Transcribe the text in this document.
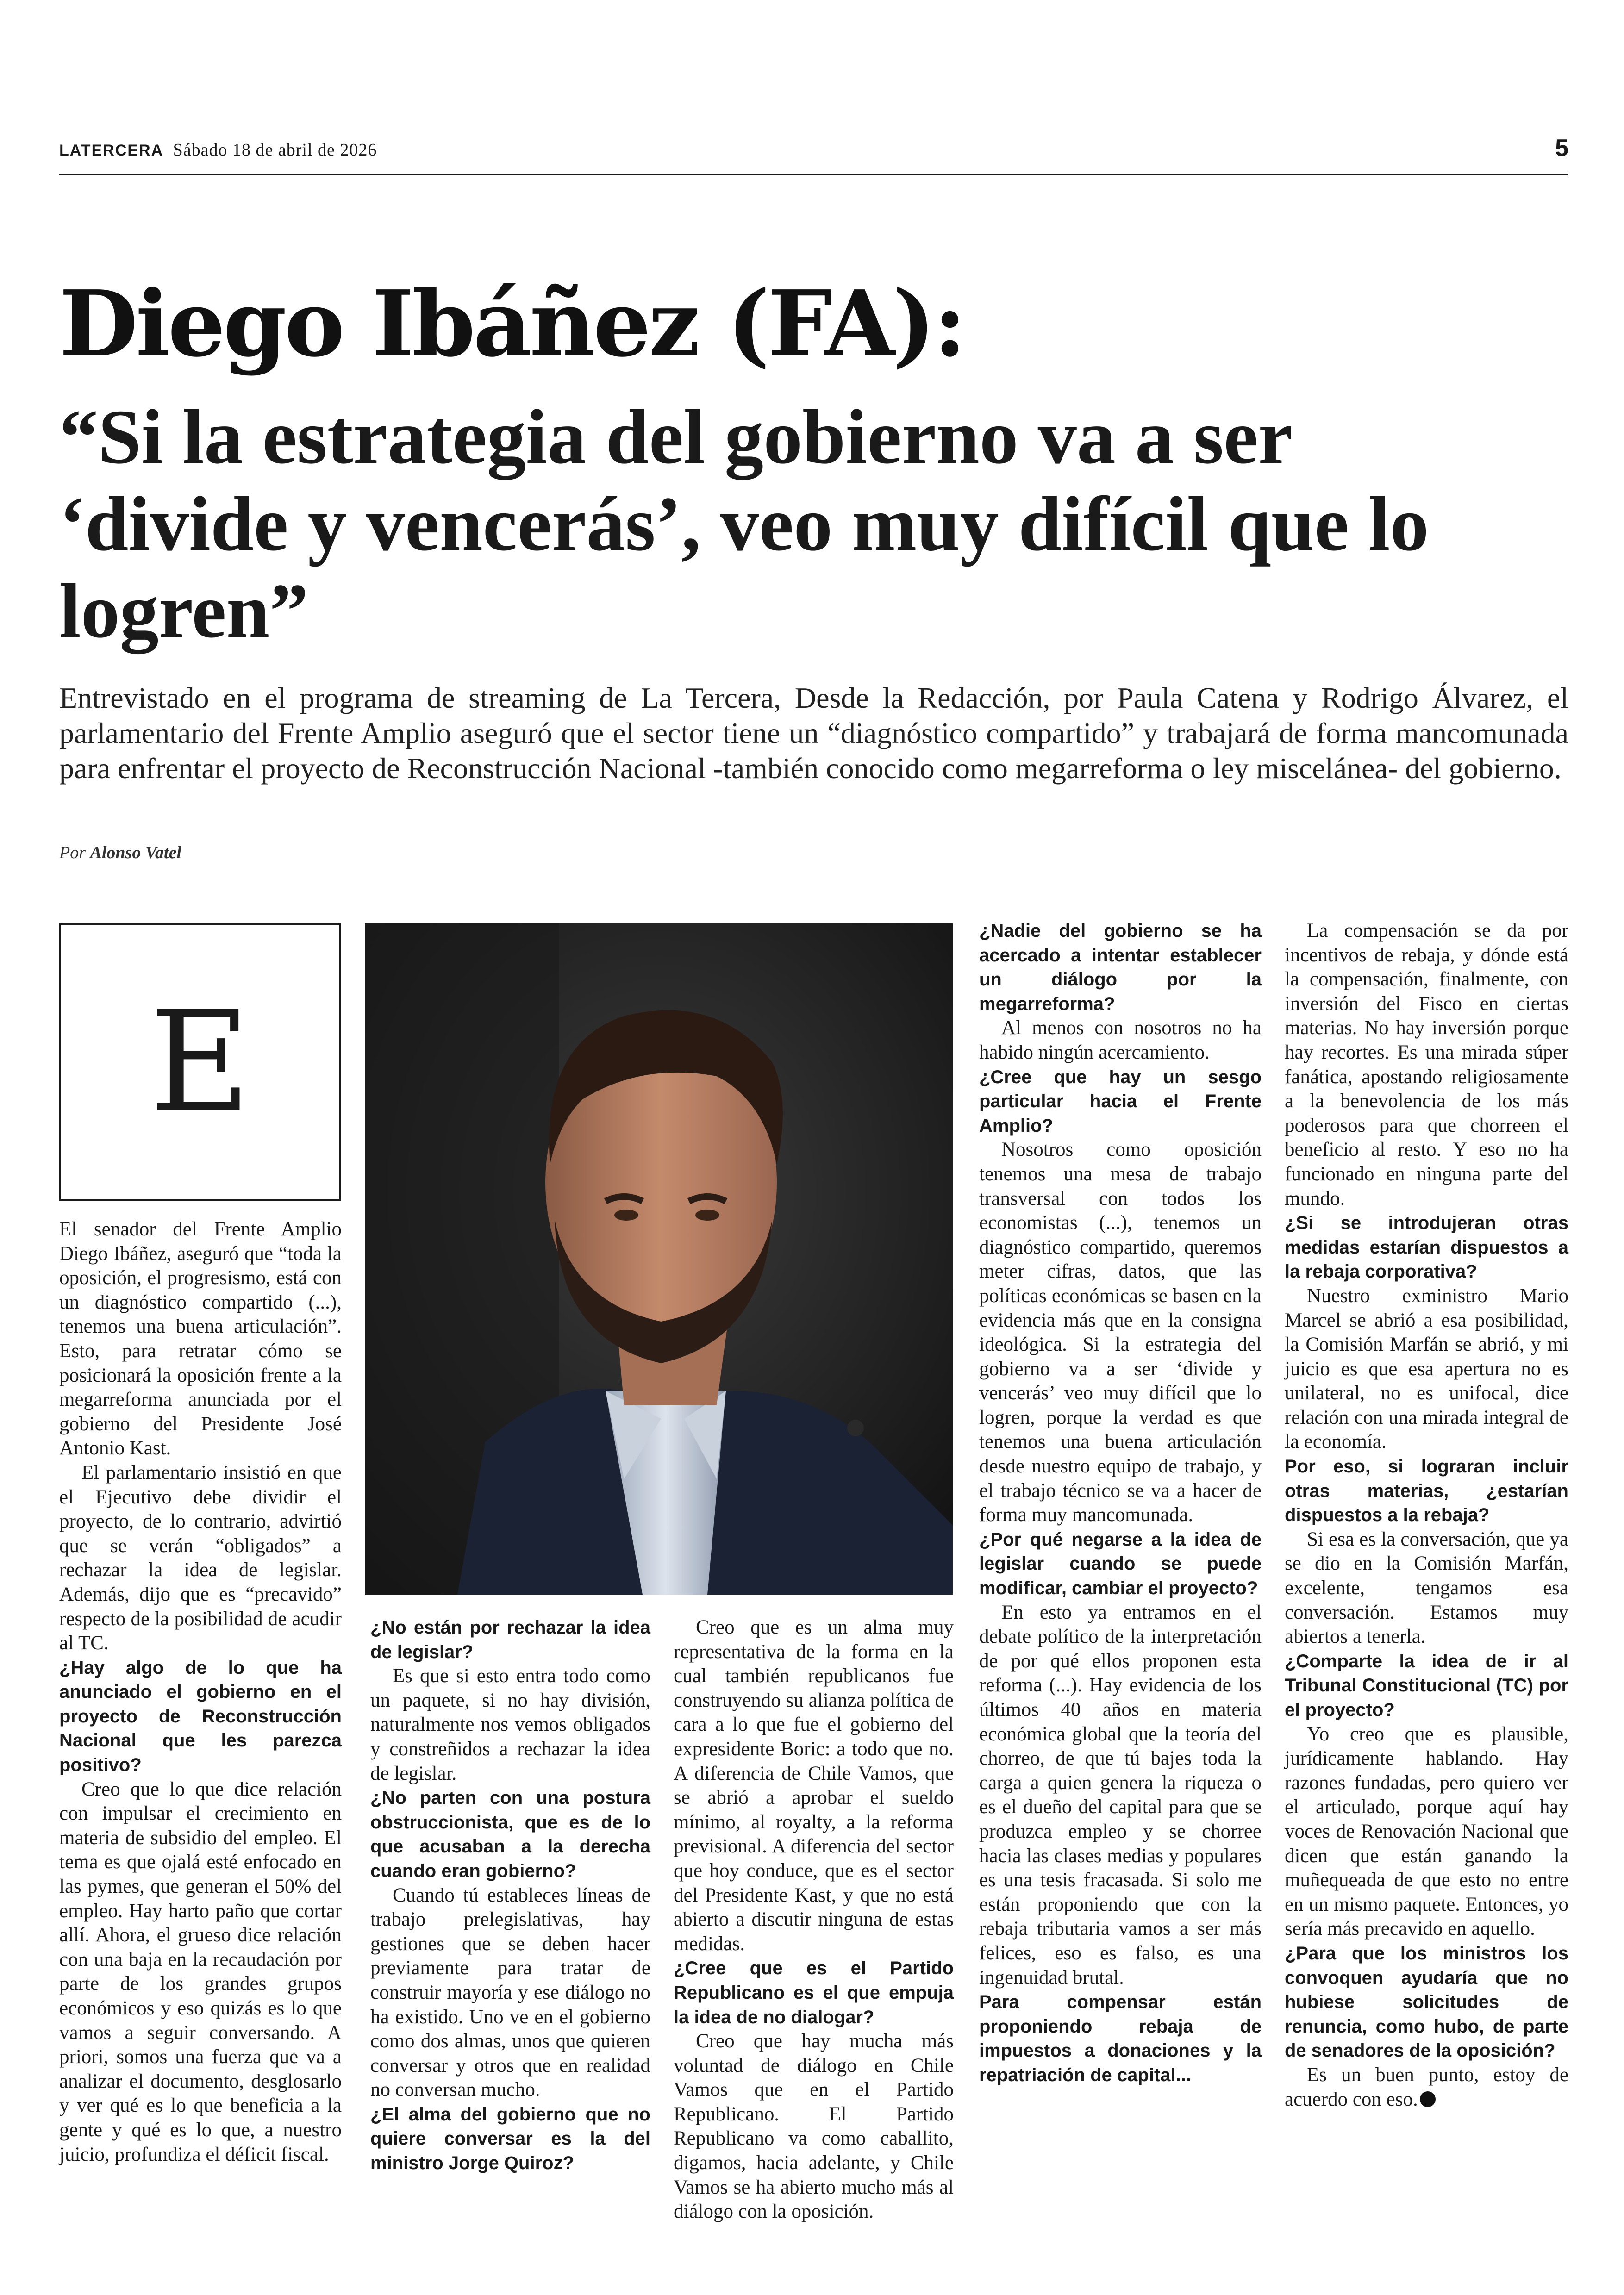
LATERCERA Sábado 18 de abril de 2026	5
Diego Ibáñez (FA):
“Si la estrategia del gobierno va a ser ‘divide y vencerás’, veo muy difícil que lo logren”

Entrevistado en el programa de streaming de La Tercera, Desde la Redacción, por Paula Catena y Rodrigo Álvarez, el parlamentario del Frente Amplio aseguró que el sector tiene un “diagnóstico compartido” y trabajará de forma mancomunada para enfrentar el proyecto de Reconstrucción Nacional -también conocido como megarreforma o ley miscelánea- del gobierno.

Por Alonso Vatel
E

El senador del Frente Amplio Diego Ibáñez, aseguró que “toda la oposición, el progresismo, está con un diagnóstico compartido (...), tenemos una buena articulación”. Esto, para retratar cómo se posicionará la oposición frente a la megarreforma anunciada por el gobierno del Presidente José Antonio Kast.

El parlamentario insistió en que el Ejecutivo debe dividir el proyecto, de lo contrario, advirtió que se verán “obligados” a rechazar la idea de legislar. Además, dijo que es “precavido” respecto de la posibilidad de acudir al TC.

¿Hay algo de lo que ha anunciado el gobierno en el proyecto de Reconstrucción Nacional que les parezca positivo?

Creo que lo que dice relación con impulsar el crecimiento en materia de subsidio del empleo. El tema es que ojalá esté enfocado en las pymes, que generan el 50% del empleo. Hay harto paño que cortar allí. Ahora, el grueso dice relación con una baja en la recaudación por parte de los grandes grupos económicos y eso quizás es lo que vamos a seguir conversando. A priori, somos una fuerza que va a analizar el documento, desglosarlo y ver qué es lo que beneficia a la gente y qué es lo que, a nuestro juicio, profundiza el déficit fiscal.

¿No están por rechazar la idea de legislar?

Es que si esto entra todo como un paquete, si no hay división, naturalmente nos vemos obligados y constreñidos a rechazar la idea de legislar.

¿No parten con una postura obstruccionista, que es de lo que acusaban a la derecha cuando eran gobierno?

Cuando tú estableces líneas de trabajo prelegislativas, hay gestiones que se deben hacer previamente para tratar de construir mayoría y ese diálogo no ha existido. Uno ve en el gobierno como dos almas, unos que quieren conversar y otros que en realidad no conversan mucho.

¿El alma del gobierno que no quiere conversar es la del ministro Jorge Quiroz?

Creo que es un alma muy representativa de la forma en la cual también republicanos fue construyendo su alianza política de cara a lo que fue el gobierno del expresidente Boric: a todo que no. A diferencia de Chile Vamos, que se abrió a aprobar el sueldo mínimo, al royalty, a la reforma previsional. A diferencia del sector que hoy conduce, que es el sector del Presidente Kast, y que no está abierto a discutir ninguna de estas medidas.

¿Cree que es el Partido Republicano es el que empuja la idea de no dialogar?

Creo que hay mucha más voluntad de diálogo en Chile Vamos que en el Partido Republicano. El Partido Republicano va como caballito, digamos, hacia adelante, y Chile Vamos se ha abierto mucho más al diálogo con la oposición.

¿Nadie del gobierno se ha acercado a intentar establecer un diálogo por la megarreforma?

Al menos con nosotros no ha habido ningún acercamiento.

¿Cree que hay un sesgo particular hacia el Frente Amplio?

Nosotros como oposición tenemos una mesa de trabajo transversal con todos los economistas (...), tenemos un diagnóstico compartido, queremos meter cifras, datos, que las políticas económicas se basen en la evidencia más que en la consigna ideológica. Si la estrategia del gobierno va a ser ‘divide y vencerás’ veo muy difícil que lo logren, porque la verdad es que tenemos una buena articulación desde nuestro equipo de trabajo, y el trabajo técnico se va a hacer de forma muy mancomunada.

¿Por qué negarse a la idea de legislar cuando se puede modificar, cambiar el proyecto?

En esto ya entramos en el debate político de la interpretación de por qué ellos proponen esta reforma (...). Hay evidencia de los últimos 40 años en materia económica global que la teoría del chorreo, de que tú bajes toda la carga a quien genera la riqueza o es el dueño del capital para que se produzca empleo y se chorree hacia las clases medias y populares es una tesis fracasada. Si solo me están proponiendo que con la rebaja tributaria vamos a ser más felices, eso es falso, es una ingenuidad brutal.

Para compensar están proponiendo rebaja de impuestos a donaciones y la repatriación de capital...

La compensación se da por incentivos de rebaja, y dónde está la compensación, finalmente, con inversión del Fisco en ciertas materias. No hay inversión porque hay recortes. Es una mirada súper fanática, apostando religiosamente a la benevolencia de los más poderosos para que chorreen el beneficio al resto. Y eso no ha funcionado en ninguna parte del mundo.

¿Si se introdujeran otras medidas estarían dispuestos a la rebaja corporativa?

Nuestro exministro Mario Marcel se abrió a esa posibilidad, la Comisión Marfán se abrió, y mi juicio es que esa apertura no es unilateral, no es unifocal, dice relación con una mirada integral de la economía.

Por eso, si lograran incluir otras materias, ¿estarían dispuestos a la rebaja?

Si esa es la conversación, que ya se dio en la Comisión Marfán, excelente, tengamos esa conversación. Estamos muy abiertos a tenerla.

¿Comparte la idea de ir al Tribunal Constitucional (TC) por el proyecto?

Yo creo que es plausible, jurídicamente hablando. Hay razones fundadas, pero quiero ver el articulado, porque aquí hay voces de Renovación Nacional que dicen que están ganando la muñequeada de que esto no entre en un mismo paquete. Entonces, yo sería más precavido en aquello.

¿Para que los ministros los convoquen ayudaría que no hubiese solicitudes de renuncia, como hubo, de parte de senadores de la oposición?

Es un buen punto, estoy de acuerdo con eso.
